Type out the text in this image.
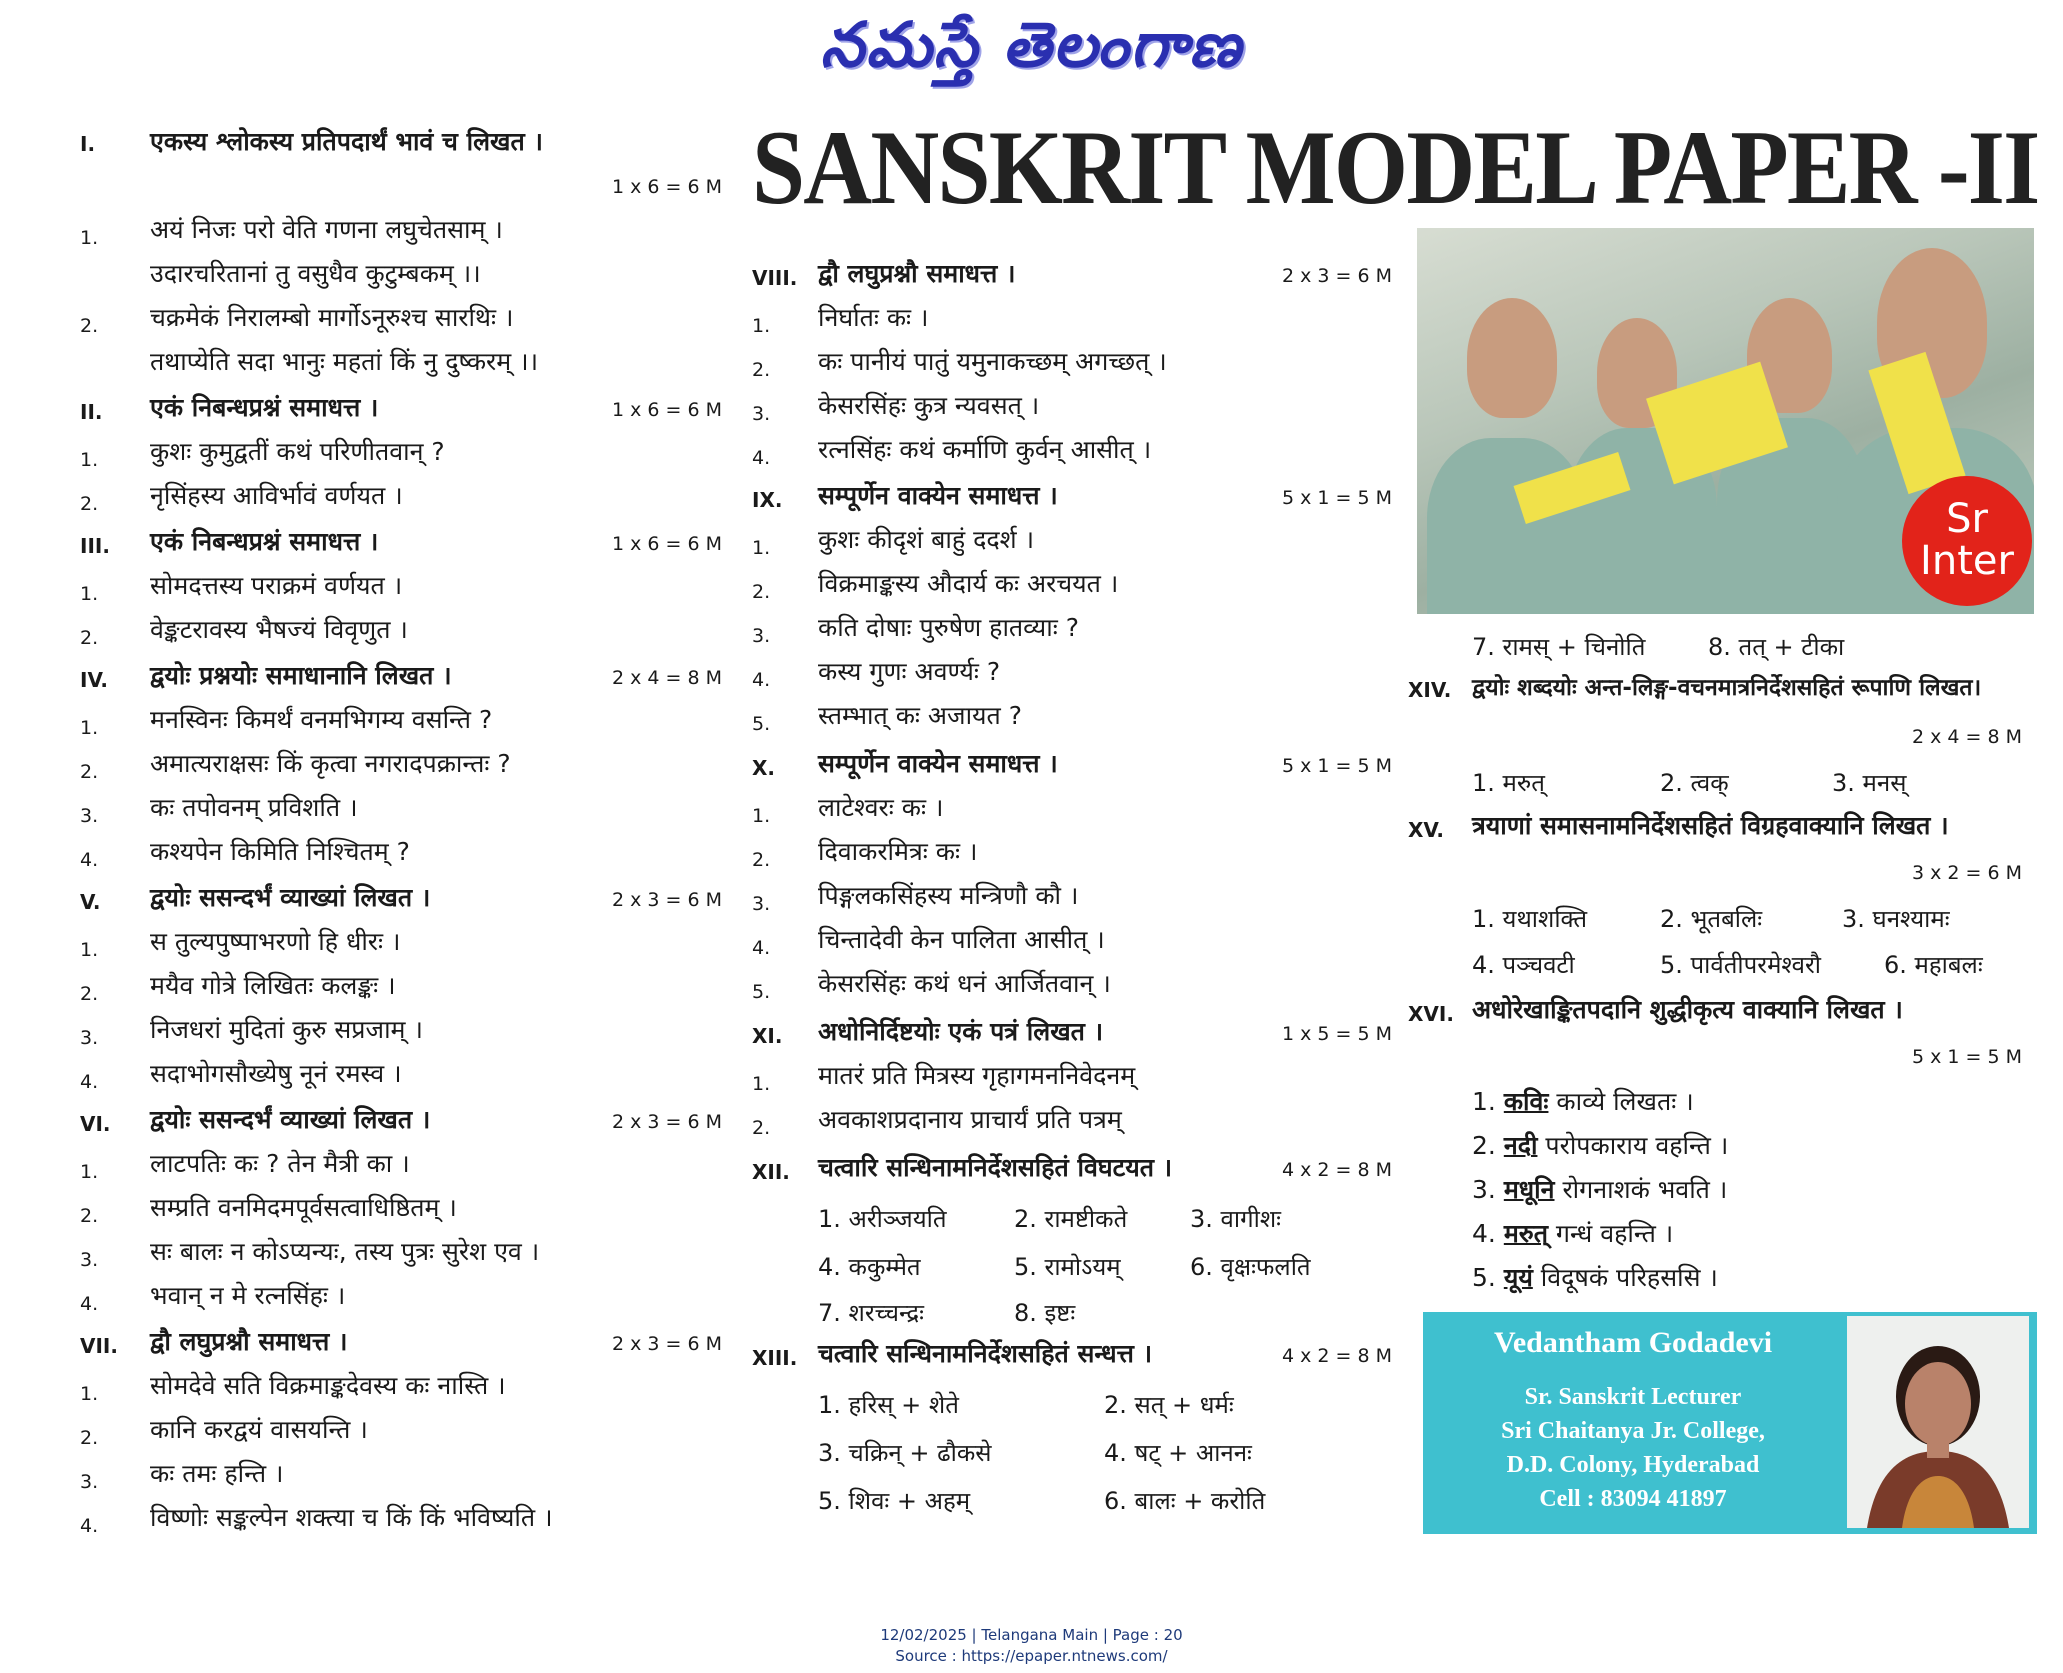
నమస్తే తెలంగాణ
SANSKRIT MODEL PAPER -II
I. एकस्य श्लोकस्य प्रतिपदार्थं भावं च लिखत ।
1 x 6 = 6 M
1. अयं निजः परो वेति गणना लघुचेतसाम् ।
उदारचरितानां तु वसुधैव कुटुम्बकम् ।।
2. चक्रमेकं निरालम्बो मार्गोऽनूरुश्च सारथिः ।
तथाप्येति सदा भानुः महतां किं नु दुष्करम् ।।
II. एकं निबन्धप्रश्नं समाधत्त ।	1 x 6 = 6 M
1. कुशः कुमुद्वतीं कथं परिणीतवान् ?
2. नृसिंहस्य आविर्भावं वर्णयत ।
III. एकं निबन्धप्रश्नं समाधत्त ।	1 x 6 = 6 M
1. सोमदत्तस्य पराक्रमं वर्णयत ।
2. वेङ्कटरावस्य भैषज्यं विवृणुत ।
IV. द्वयोः प्रश्नयोः समाधानानि लिखत ।	2 x 4 = 8 M
1. मनस्विनः किमर्थं वनमभिगम्य वसन्ति ?
2. अमात्यराक्षसः किं कृत्वा नगरादपक्रान्तः ?
3. कः तपोवनम् प्रविशति ।
4. कश्यपेन किमिति निश्चितम् ?
V. द्वयोः ससन्दर्भं व्याख्यां लिखत ।	2 x 3 = 6 M
1. स तुल्यपुष्पाभरणो हि धीरः ।
2. मयैव गोत्रे लिखितः कलङ्कः ।
3. निजधरां मुदितां कुरु सप्रजाम् ।
4. सदाभोगसौख्येषु नूनं रमस्व ।
VI. द्वयोः ससन्दर्भं व्याख्यां लिखत ।	2 x 3 = 6 M
1. लाटपतिः कः ? तेन मैत्री का ।
2. सम्प्रति वनमिदमपूर्वसत्वाधिष्ठितम् ।
3. सः बालः न कोऽप्यन्यः, तस्य पुत्रः सुरेश एव ।
4. भवान् न मे रत्नसिंहः ।
VII. द्वौ लघुप्रश्नौ समाधत्त ।	2 x 3 = 6 M
1. सोमदेवे सति विक्रमाङ्कदेवस्य कः नास्ति ।
2. कानि करद्वयं वासयन्ति ।
3. कः तमः हन्ति ।
4. विष्णोः सङ्कल्पेन शक्त्या च किं किं भविष्यति ।
VIII. द्वौ लघुप्रश्नौ समाधत्त ।	2 x 3 = 6 M
1. निर्घातः कः ।
2. कः पानीयं पातुं यमुनाकच्छम् अगच्छत् ।
3. केसरसिंहः कुत्र न्यवसत् ।
4. रत्नसिंहः कथं कर्माणि कुर्वन् आसीत् ।
IX. सम्पूर्णेन वाक्येन समाधत्त ।	5 x 1 = 5 M
1. कुशः कीदृशं बाहुं ददर्श ।
2. विक्रमाङ्कस्य औदार्य कः अरचयत ।
3. कति दोषाः पुरुषेण हातव्याः ?
4. कस्य गुणः अवर्ण्यः ?
5. स्तम्भात् कः अजायत ?
X. सम्पूर्णेन वाक्येन समाधत्त ।	5 x 1 = 5 M
1. लाटेश्वरः कः ।
2. दिवाकरमित्रः कः ।
3. पिङ्गलकसिंहस्य मन्त्रिणौ कौ ।
4. चिन्तादेवी केन पालिता आसीत् ।
5. केसरसिंहः कथं धनं आर्जितवान् ।
XI. अधोनिर्दिष्टयोः एकं पत्रं लिखत ।	1 x 5 = 5 M
1. मातरं प्रति मित्रस्य गृहागमननिवेदनम्
2. अवकाशप्रदानाय प्राचार्यं प्रति पत्रम्
XII. चत्वारि सन्धिनामनिर्देशसहितं विघटयत ।	4 x 2 = 8 M
1. अरीञ्जयति	2. रामष्टीकते	3. वागीशः
4. ककुम्मेत	5. रामोऽयम्	6. वृक्षःफलति
7. शरच्चन्द्रः	8. इष्टः
XIII. चत्वारि सन्धिनामनिर्देशसहितं सन्धत्त ।	4 x 2 = 8 M
1. हरिस् + शेते	2. सत् + धर्मः
3. चक्रिन् + ढौकसे	4. षट् + आननः
5. शिवः + अहम्	6. बालः + करोति
Sr
Inter
7. रामस् + चिनोति	8. तत् + टीका
XIV. द्वयोः शब्दयोः अन्त-लिङ्ग-वचनमात्रनिर्देशसहितं रूपाणि लिखत।
2 x 4 = 8 M
1. मरुत्	2. त्वक्	3. मनस्
XV. त्रयाणां समासनामनिर्देशसहितं विग्रहवाक्यानि लिखत ।
3 x 2 = 6 M
1. यथाशक्ति	2. भूतबलिः	3. घनश्यामः
4. पञ्चवटी	5. पार्वतीपरमेश्वरौ	6. महाबलः
XVI. अधोरेखाङ्कितपदानि शुद्धीकृत्य वाक्यानि लिखत ।
5 x 1 = 5 M
1. कविः काव्ये लिखतः ।
2. नदी परोपकाराय वहन्ति ।
3. मधूनि रोगनाशकं भवति ।
4. मरुत् गन्धं वहन्ति ।
5. यूयं विदूषकं परिहससि ।
Vedantham Godadevi
Sr. Sanskrit Lecturer
Sri Chaitanya Jr. College,
D.D. Colony, Hyderabad
Cell : 83094 41897
12/02/2025 | Telangana Main | Page : 20
Source : https://epaper.ntnews.com/
